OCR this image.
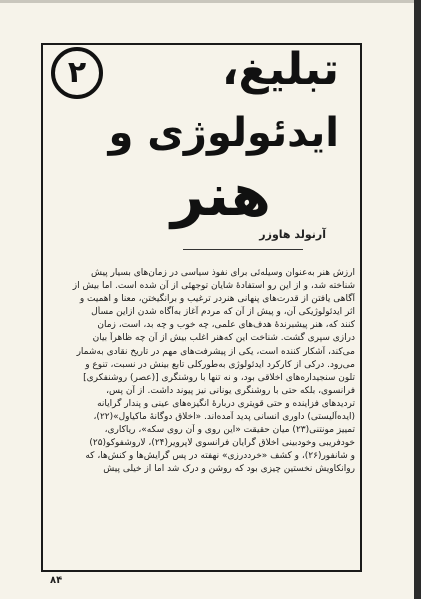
۲	تبلیغ،
ایدئولوژی و
هنر
آرنولد هاوزر
ارزش هنر به‌عنوان وسیله‌ئی برای نفوذ سیاسی در زمان‌های بسیار پیش
شناخته شد، و از این رو استفادهٔ شایان توجهئی از آن شده است. اما بیش از
آگاهی یافتن از قدرت‌های پنهانی هنردر ترغیب و برانگیختن، معنا و اهمیت و
اثر ایدئولوژیکی آن، و پیش از آن که مردم آغاز به‌آگاه شدن ازاین مسأل
کنند که، هنر پیشبرندهٔ هدف‌های علمی، چه خوب و چه بد، است، زمان
درازی سپری گشت. شناخت این که‌هنر اغلب بیش از آن چه ظاهراً بیان
می‌کند، آشکار کننده است، یکی از پیشرفت‌های مهم در تاریخ نقادی به‌شمار
می‌رود. درکی از کارکرد ایدئولوژی به‌طورکلی تابع بینش در نسبت، تنوع و
تلون سنجیداره‌های اخلاقی بود، و نه تنها با روشنگری [(عصر) روشنفکری]
فرانسوی، بلکه حتی با روشنگری یونانی نیز پیوند داشت. از آن پس،
تردیدهای فزاینده و حتی قویتری دربارهٔ انگیزه‌های عینی و پندار گرایانه
(ایده‌آلیستی) داوری انسانی پدید آمده‌اند. «اخلاق دوگانهٔ ماکیاول»(۲۲)،
تمییز مونتنی(۲۳) میان حقیقت «این روی و آن روی سکه»، ریاکاری،
خودفریبی وخودبینی اخلاق گرایان فرانسوی لاپرویر(۲۴)، لاروشفوکو(۲۵)
و شانفور(۲۶)، و کشف «خرددرزی» نهفته در پس گرایش‌ها و کنش‌ها، که
روانکاویش نخستین چیزی بود که روشن و درک شد اما از خیلی پیش
۸۴
